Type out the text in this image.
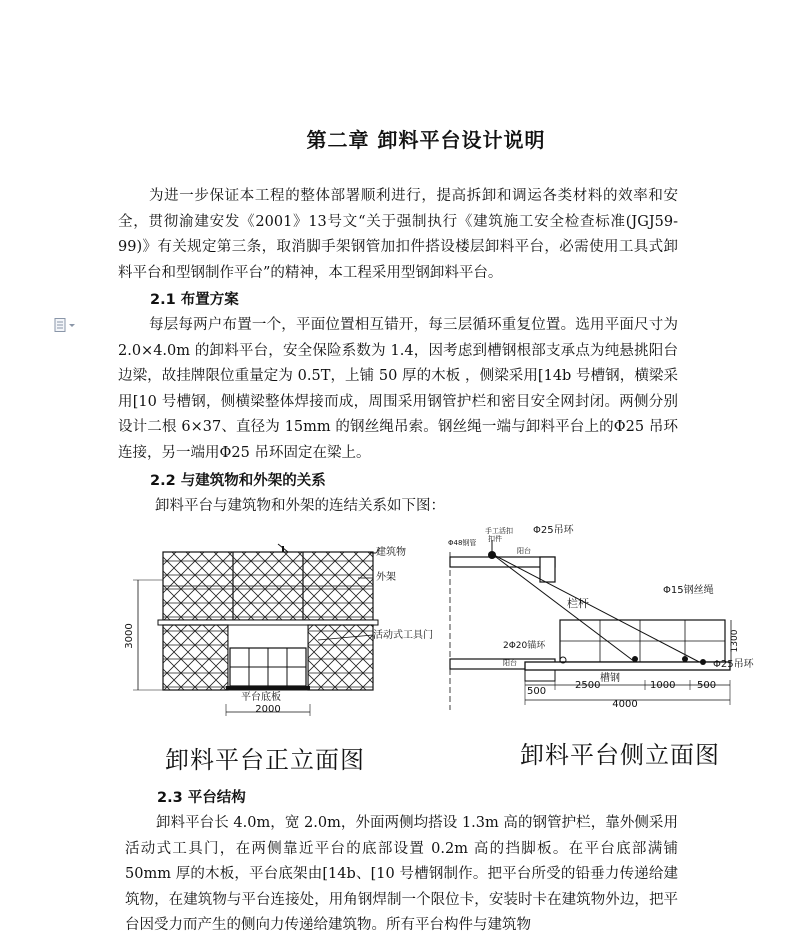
第二章 卸料平台设计说明

为进一步保证本工程的整体部署顺利进行，提高拆卸和调运各类材料的效率和安全，贯彻渝建安发《2001》13号文“关于强制执行《建筑施工安全检查标准(JGJ59-99)》有关规定第三条，取消脚手架钢管加扣件搭设楼层卸料平台，必需使用工具式卸料平台和型钢制作平台”的精神，本工程采用型钢卸料平台。

2.1 布置方案

每层每两户布置一个，平面位置相互错开，每三层循环重复位置。选用平面尺寸为 2.0×4.0m 的卸料平台，安全保险系数为 1.4，因考虑到槽钢根部支承点为纯悬挑阳台边梁，故挂牌限位重量定为 0.5T，上铺 50 厚的木板 ，侧梁采用[14b 号槽钢，横梁采用[10 号槽钢，侧横梁整体焊接而成，周围采用钢管护栏和密目安全网封闭。两侧分别设计二根 6×37、直径为 15mm 的钢丝绳吊索。钢丝绳一端与卸料平台上的Φ25 吊环连接，另一端用Φ25 吊环固定在梁上。

2.2 与建筑物和外架的关系

卸料平台与建筑物和外架的连结关系如下图：

建筑物
外架
活动式工具门
平台底板
3000
2000
Φ48钢管
手工活扣
扣件
阳台
Φ25吊环
Φ15钢丝绳
栏杆
2Φ20锚环
阳台
1300
Φ25吊环
槽钢
500
2500	1000 500
4000
卸料平台正立面图	卸料平台侧立面图
2.3 平台结构

卸料平台长 4.0m，宽 2.0m，外面两侧均搭设 1.3m 高的钢管护栏，靠外侧采用活动式工具门，在两侧靠近平台的底部设置 0.2m 高的挡脚板。在平台底部满铺 50mm 厚的木板，平台底架由[14b、[10 号槽钢制作。把平台所受的铅垂力传递给建筑物，在建筑物与平台连接处，用角钢焊制一个限位卡，安装时卡在建筑物外边，把平台因受力而产生的侧向力传递给建筑物。所有平台构件与建筑物
